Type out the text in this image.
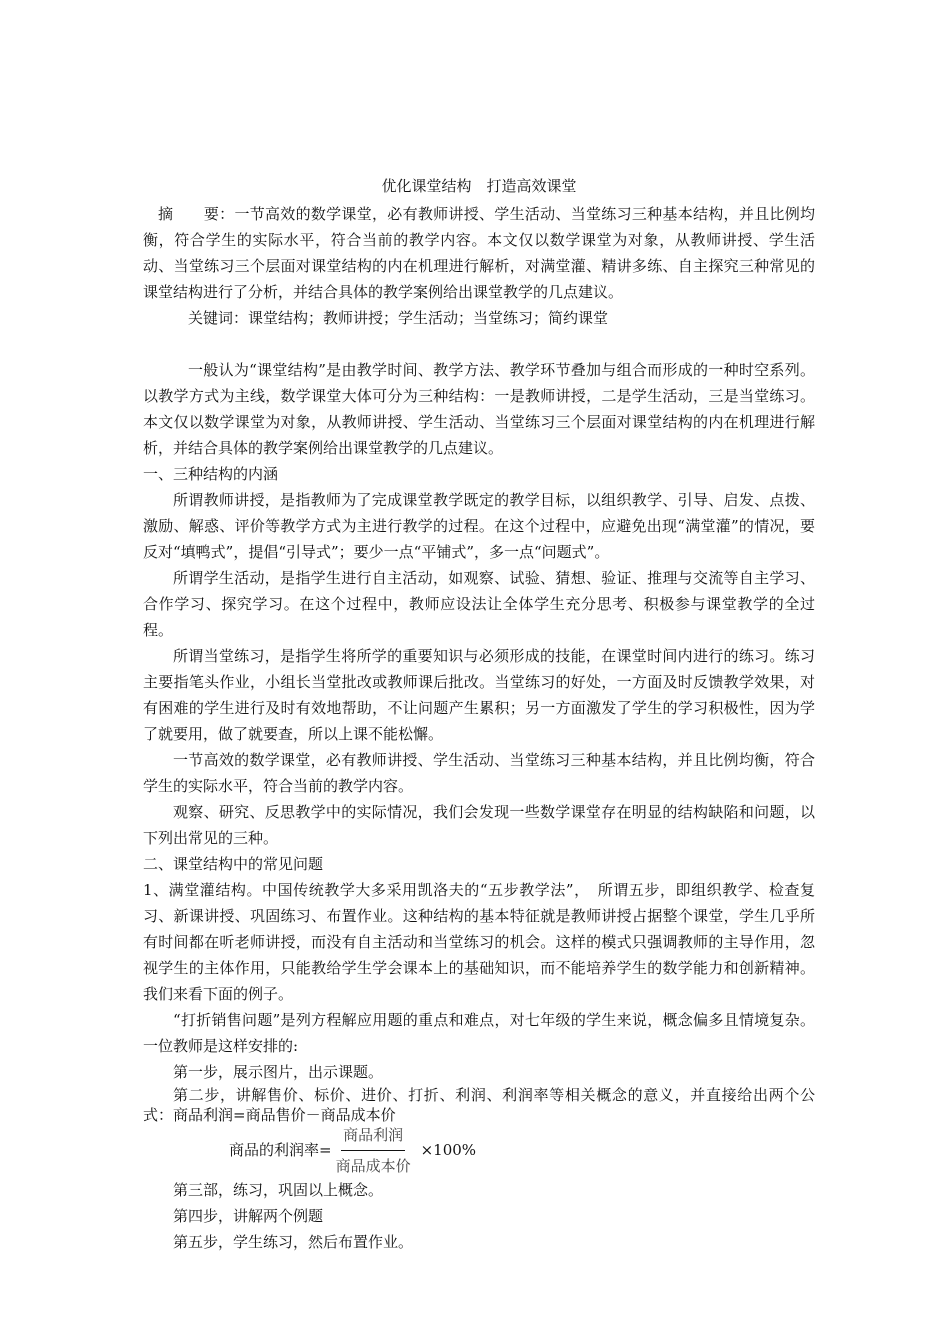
优化课堂结构　打造高效课堂

摘　　要：一节高效的数学课堂，必有教师讲授、学生活动、当堂练习三种基本结构，并且比例均衡，符合学生的实际水平，符合当前的教学内容。本文仅以数学课堂为对象，从教师讲授、学生活动、当堂练习三个层面对课堂结构的内在机理进行解析，对满堂灌、精讲多练、自主探究三种常见的课堂结构进行了分析，并结合具体的教学案例给出课堂教学的几点建议。

关键词：课堂结构；教师讲授；学生活动；当堂练习；简约课堂

一般认为“课堂结构”是由教学时间、教学方法、教学环节叠加与组合而形成的一种时空系列。以教学方式为主线，数学课堂大体可分为三种结构：一是教师讲授，二是学生活动，三是当堂练习。本文仅以数学课堂为对象，从教师讲授、学生活动、当堂练习三个层面对课堂结构的内在机理进行解析，并结合具体的教学案例给出课堂教学的几点建议。

一、三种结构的内涵

所谓教师讲授，是指教师为了完成课堂教学既定的教学目标，以组织教学、引导、启发、点拨、激励、解惑、评价等教学方式为主进行教学的过程。在这个过程中，应避免出现“满堂灌”的情况，要反对“填鸭式”，提倡“引导式”；要少一点“平铺式”，多一点“问题式”。

所谓学生活动，是指学生进行自主活动，如观察、试验、猜想、验证、推理与交流等自主学习、合作学习、探究学习。在这个过程中，教师应设法让全体学生充分思考、积极参与课堂教学的全过程。

所谓当堂练习，是指学生将所学的重要知识与必须形成的技能，在课堂时间内进行的练习。练习主要指笔头作业，小组长当堂批改或教师课后批改。当堂练习的好处，一方面及时反馈教学效果，对有困难的学生进行及时有效地帮助，不让问题产生累积；另一方面激发了学生的学习积极性，因为学了就要用，做了就要查，所以上课不能松懈。

一节高效的数学课堂，必有教师讲授、学生活动、当堂练习三种基本结构，并且比例均衡，符合学生的实际水平，符合当前的教学内容。

观察、研究、反思教学中的实际情况，我们会发现一些数学课堂存在明显的结构缺陷和问题，以下列出常见的三种。

二、课堂结构中的常见问题

1、满堂灌结构。中国传统教学大多采用凯洛夫的“五步教学法”，　所谓五步，即组织教学、检查复习、新课讲授、巩固练习、布置作业。这种结构的基本特征就是教师讲授占据整个课堂，学生几乎所有时间都在听老师讲授，而没有自主活动和当堂练习的机会。这样的模式只强调教师的主导作用，忽视学生的主体作用，只能教给学生学会课本上的基础知识，而不能培养学生的数学能力和创新精神。我们来看下面的例子。

“打折销售问题”是列方程解应用题的重点和难点，对七年级的学生来说，概念偏多且情境复杂。一位教师是这样安排的:

第一步，展示图片，出示课题。

第二步，讲解售价、标价、进价、打折、利润、利润率等相关概念的意义，并直接给出两个公式：商品利润=商品售价－商品成本价

商品的利润率= $\frac{\text{商品利润}}{\text{商品成本价}} \times 100\%$

第三部，练习，巩固以上概念。

第四步，讲解两个例题

第五步，学生练习，然后布置作业。
